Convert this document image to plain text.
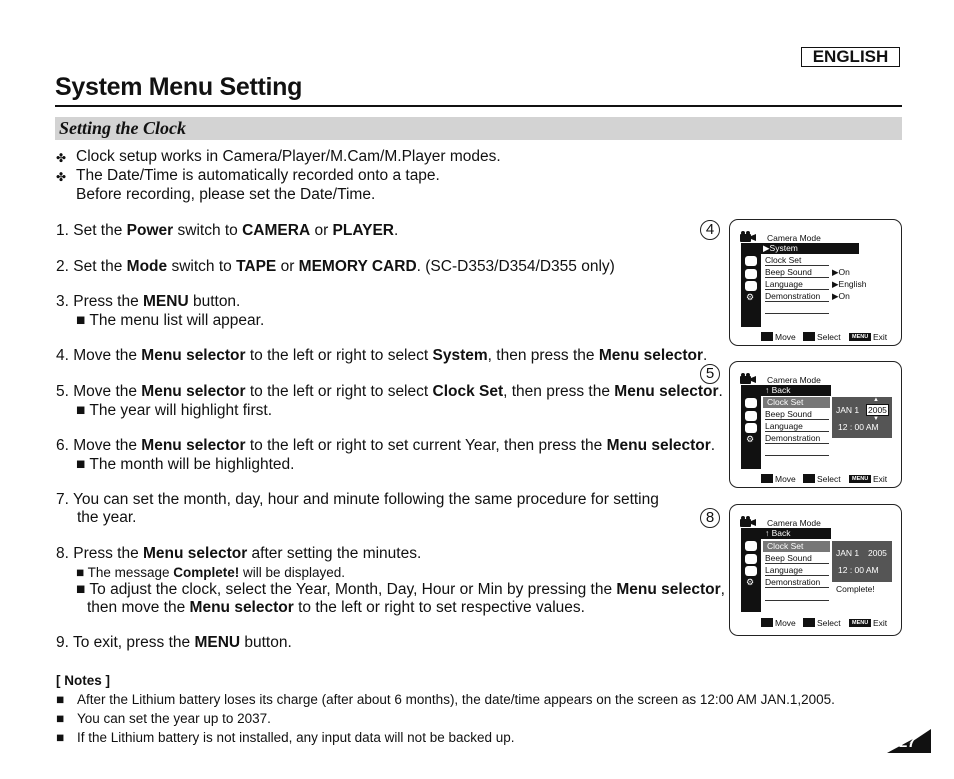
ENGLISH
System Menu Setting
Setting the Clock
✤ Clock setup works in Camera/Player/M.Cam/M.Player modes.
✤ The Date/Time is automatically recorded onto a tape.
Before recording, please set the Date/Time.
1. Set the Power switch to CAMERA or PLAYER.
2. Set the Mode switch to TAPE or MEMORY CARD. (SC-D353/D354/D355 only)
3. Press the MENU button.
■ The menu list will appear.
4. Move the Menu selector to the left or right to select System, then press the Menu selector.
5. Move the Menu selector to the left or right to select Clock Set, then press the Menu selector.
■ The year will highlight first.
6. Move the Menu selector to the left or right to set current Year, then press the Menu selector.
■ The month will be highlighted.
7. You can set the month, day, hour and minute following the same procedure for setting
the year.
8. Press the Menu selector after setting the minutes.
■ The message Complete! will be displayed.
■ To adjust the clock, select the Year, Month, Day, Hour or Min by pressing the Menu selector,
then move the Menu selector to the left or right to set respective values.
9. To exit, press the MENU button.
[ Notes ]
■ After the Lithium battery loses its charge (after about 6 months), the date/time appears on the screen as 12:00 AM JAN.1,2005.
■ You can set the year up to 2037.
■ If the Lithium battery is not installed, any input data will not be backed up.
4
⚙
Camera Mode
▶System
Clock Set
Beep Sound
Language
Demonstration
▶On
▶English
▶On
Move Select	MENU Exit
5
⚙
Camera Mode
↑ Back
Clock Set
Beep Sound
Language
Demonstration
JAN 1
▲
2005
▼
12 : 00 AM
Move Select	MENU Exit
8
⚙
Camera Mode
↑ Back
Clock Set
Beep Sound
Language
Demonstration
JAN 1 2005
12 : 00 AM
Complete!
Move Select	MENU Exit
27
